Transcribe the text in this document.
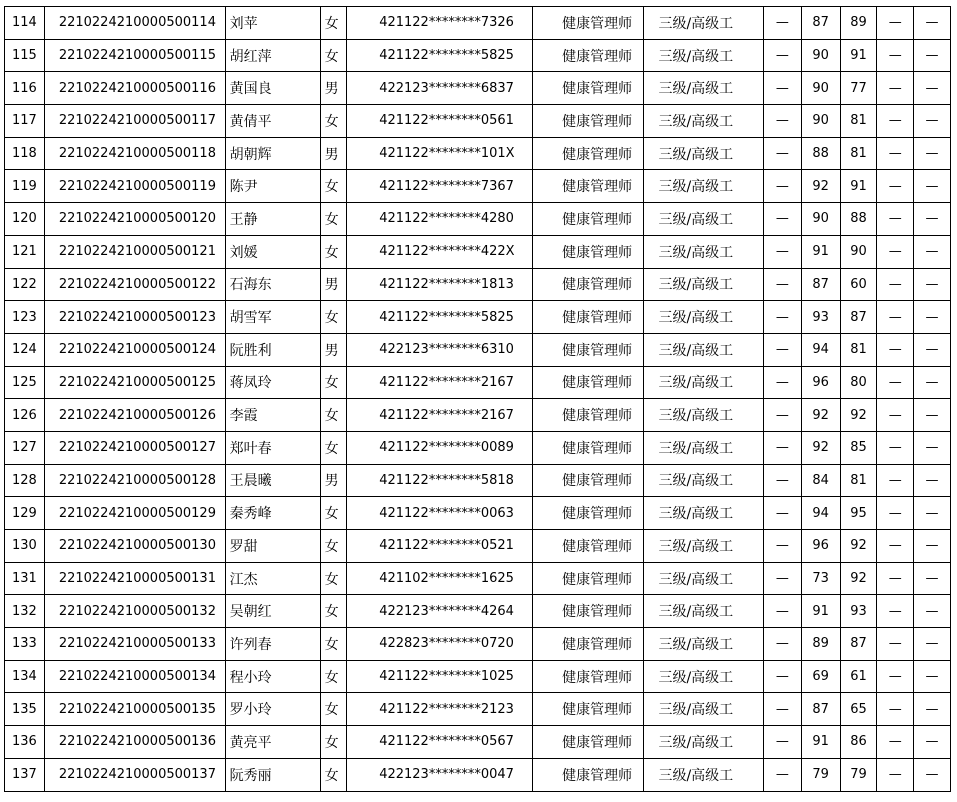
114	2210224210000500114	刘苹	女	421122********7326	健康管理师	三级/高级工	—	87	89	—	—
115	2210224210000500115	胡红萍	女	421122********5825	健康管理师	三级/高级工	—	90	91	—	—
116	2210224210000500116	黄国良	男	422123********6837	健康管理师	三级/高级工	—	90	77	—	—
117	2210224210000500117	黄倩平	女	421122********0561	健康管理师	三级/高级工	—	90	81	—	—
118	2210224210000500118	胡朝辉	男	421122********101X	健康管理师	三级/高级工	—	88	81	—	—
119	2210224210000500119	陈尹	女	421122********7367	健康管理师	三级/高级工	—	92	91	—	—
120	2210224210000500120	王静	女	421122********4280	健康管理师	三级/高级工	—	90	88	—	—
121	2210224210000500121	刘媛	女	421122********422X	健康管理师	三级/高级工	—	91	90	—	—
122	2210224210000500122	石海东	男	421122********1813	健康管理师	三级/高级工	—	87	60	—	—
123	2210224210000500123	胡雪军	女	421122********5825	健康管理师	三级/高级工	—	93	87	—	—
124	2210224210000500124	阮胜利	男	422123********6310	健康管理师	三级/高级工	—	94	81	—	—
125	2210224210000500125	蒋凤玲	女	421122********2167	健康管理师	三级/高级工	—	96	80	—	—
126	2210224210000500126	李霞	女	421122********2167	健康管理师	三级/高级工	—	92	92	—	—
127	2210224210000500127	郑叶春	女	421122********0089	健康管理师	三级/高级工	—	92	85	—	—
128	2210224210000500128	王晨曦	男	421122********5818	健康管理师	三级/高级工	—	84	81	—	—
129	2210224210000500129	秦秀峰	女	421122********0063	健康管理师	三级/高级工	—	94	95	—	—
130	2210224210000500130	罗甜	女	421122********0521	健康管理师	三级/高级工	—	96	92	—	—
131	2210224210000500131	江杰	女	421102********1625	健康管理师	三级/高级工	—	73	92	—	—
132	2210224210000500132	吴朝红	女	422123********4264	健康管理师	三级/高级工	—	91	93	—	—
133	2210224210000500133	许列春	女	422823********0720	健康管理师	三级/高级工	—	89	87	—	—
134	2210224210000500134	程小玲	女	421122********1025	健康管理师	三级/高级工	—	69	61	—	—
135	2210224210000500135	罗小玲	女	421122********2123	健康管理师	三级/高级工	—	87	65	—	—
136	2210224210000500136	黄亮平	女	421122********0567	健康管理师	三级/高级工	—	91	86	—	—
137	2210224210000500137	阮秀丽	女	422123********0047	健康管理师	三级/高级工	—	79	79	—	—
